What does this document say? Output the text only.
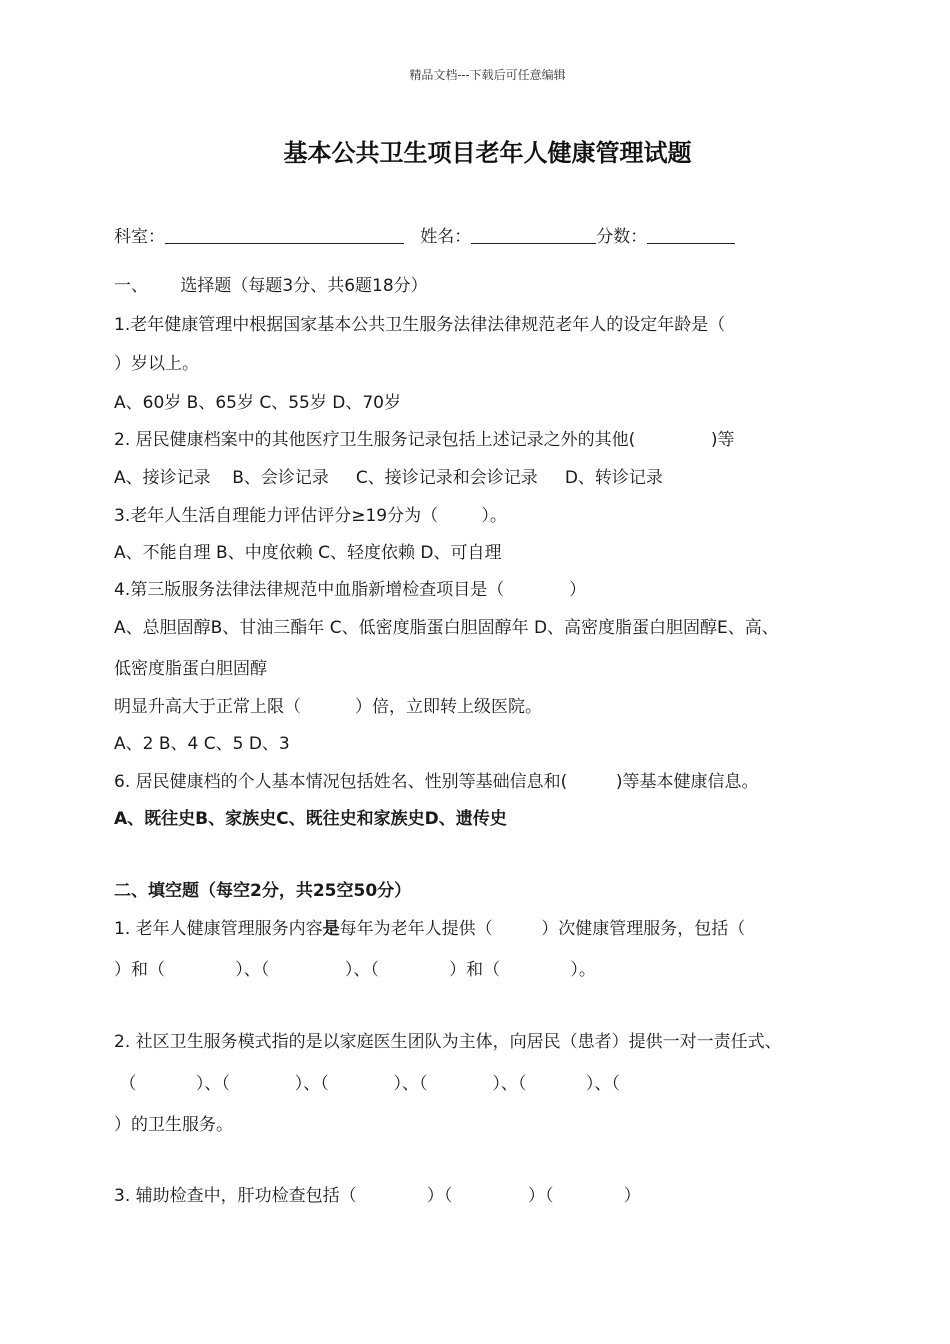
精品文档---下载后可任意编辑
基本公共卫生项目老年人健康管理试题
科室：	姓名：	分数：
一、      选择题（每题3分、共6题18分）
1.老年健康管理中根据国家基本公共卫生服务法律法律规范老年人的设定年龄是（
）岁以上。
A、60岁 B、65岁 C、55岁 D、70岁
2. 居民健康档案中的其他医疗卫生服务记录包括上述记录之外的其他(              )等
A、接诊记录    B、会诊记录     C、接诊记录和会诊记录     D、转诊记录
3.老年人生活自理能力评估评分≥19分为（        ）。
A、不能自理 B、中度依赖 C、轻度依赖 D、可自理
4.第三版服务法律法律规范中血脂新增检查项目是（            ）
A、总胆固醇B、甘油三酯年 C、低密度脂蛋白胆固醇年 D、高密度脂蛋白胆固醇E、高、
低密度脂蛋白胆固醇
明显升高大于正常上限（          ）倍，立即转上级医院。
A、2 B、4 C、5 D、3
6. 居民健康档的个人基本情况包括姓名、性别等基础信息和(         )等基本健康信息。
A、既往史B、家族史C、既往史和家族史D、遗传史
二、填空题（每空2分，共25空50分）
1. 老年人健康管理服务内容是每年为老年人提供（         ）次健康管理服务，包括（
）和（             ）、（              ）、（             ）和（             ）。
2. 社区卫生服务模式指的是以家庭医生团队为主体，向居民（患者）提供一对一责任式、
（           ）、（            ）、（            ）、（            ）、（           ）、（
）的卫生服务。
3. 辅助检查中，肝功检查包括（             ）（              ）（             ）
